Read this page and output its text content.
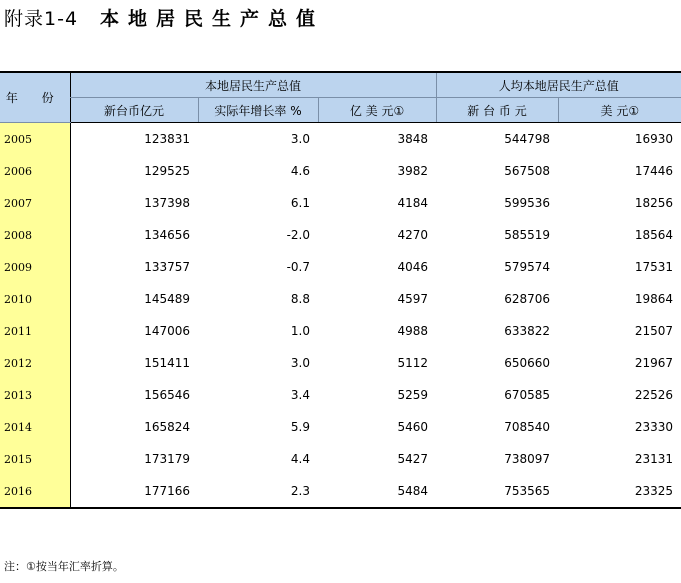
附录1-4 本地居民生产总值
年 份	本地居民生产总值			人均本地居民生产总值	
	新台币亿元	实际年增长率 %	亿 美 元①	新 台 币 元	美 元①
2005	123831	3.0	3848	544798	16930
2006	129525	4.6	3982	567508	17446
2007	137398	6.1	4184	599536	18256
2008	134656	-2.0	4270	585519	18564
2009	133757	-0.7	4046	579574	17531
2010	145489	8.8	4597	628706	19864
2011	147006	1.0	4988	633822	21507
2012	151411	3.0	5112	650660	21967
2013	156546	3.4	5259	670585	22526
2014	165824	5.9	5460	708540	23330
2015	173179	4.4	5427	738097	23131
2016	177166	2.3	5484	753565	23325
注：①按当年汇率折算。
